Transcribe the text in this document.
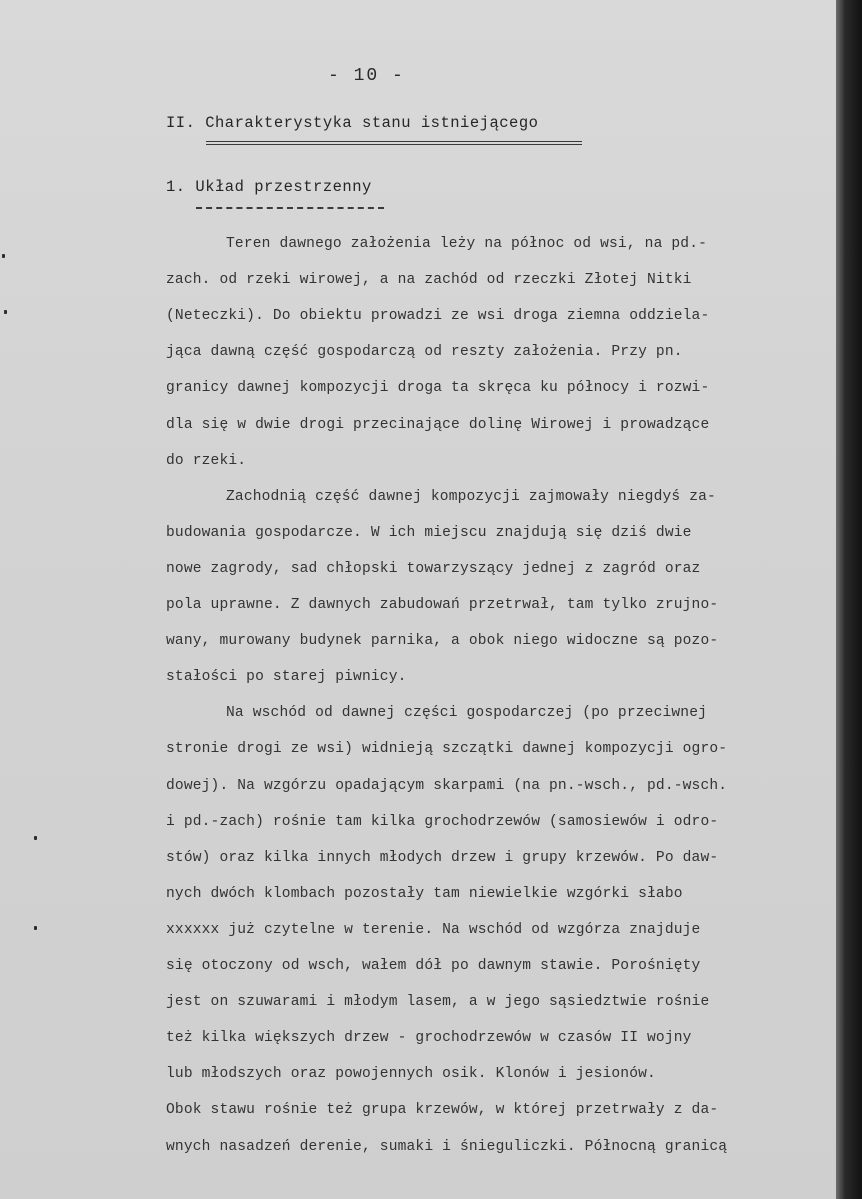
- 10 -
II. Charakterystyka stanu istniejącego
1. Układ przestrzenny
Teren dawnego założenia leży na północ od wsi, na pd.-
zach. od rzeki wirowej, a na zachód od rzeczki Złotej Nitki
(Neteczki). Do obiektu prowadzi ze wsi droga ziemna oddziela-
jąca dawną część gospodarczą od reszty założenia. Przy pn.
granicy dawnej kompozycji droga ta skręca ku północy i rozwi-
dla się w dwie drogi przecinające dolinę Wirowej i prowadzące
do rzeki.
Zachodnią część dawnej kompozycji zajmowały niegdyś za-
budowania gospodarcze. W ich miejscu znajdują się dziś dwie
nowe zagrody, sad chłopski towarzyszący jednej z zagród oraz
pola uprawne. Z dawnych zabudowań przetrwał, tam tylko zrujno-
wany, murowany budynek parnika, a obok niego widoczne są pozo-
stałości po starej piwnicy.
Na wschód od dawnej części gospodarczej (po przeciwnej
stronie drogi ze wsi) widnieją szczątki dawnej kompozycji ogro-
dowej). Na wzgórzu opadającym skarpami (na pn.-wsch., pd.-wsch.
i pd.-zach) rośnie tam kilka grochodrzewów (samosiewów i odro-
stów) oraz kilka innych młodych drzew i grupy krzewów. Po daw-
nych dwóch klombach pozostały tam niewielkie wzgórki słabo
xxxxxx już czytelne w terenie. Na wschód od wzgórza znajduje
się otoczony od wsch, wałem dół po dawnym stawie. Porośnięty
jest on szuwarami i młodym lasem, a w jego sąsiedztwie rośnie
też kilka większych drzew - grochodrzewów w czasów II wojny
lub młodszych oraz powojennych osik. Klonów i jesionów.
Obok stawu rośnie też grupa krzewów, w której przetrwały z da-
wnych nasadzeń derenie, sumaki i śnieguliczki. Północną granicą
